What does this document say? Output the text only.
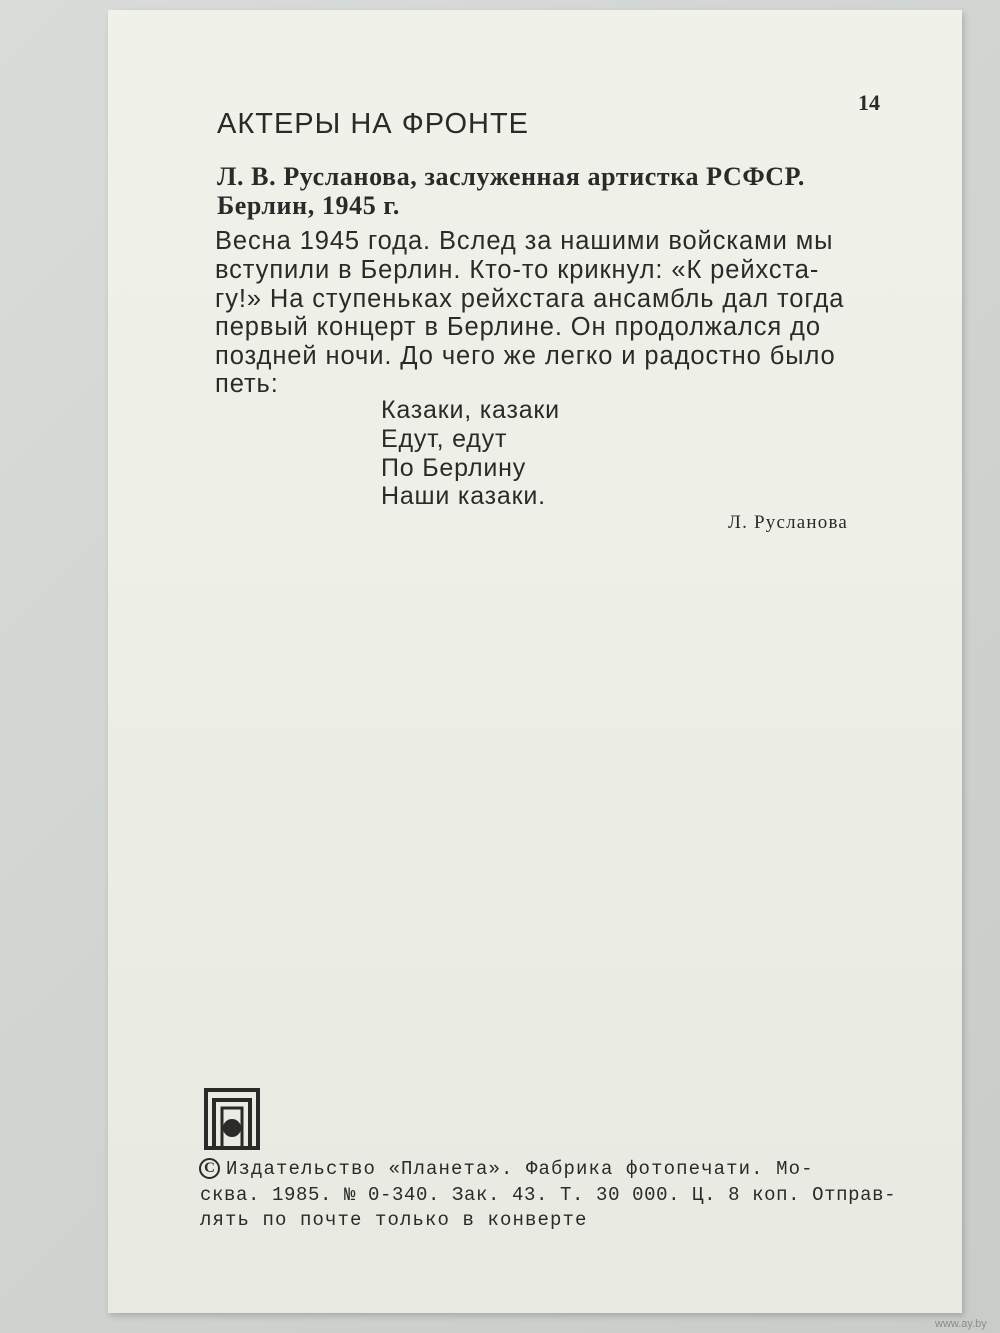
АКТЕРЫ НА ФРОНТЕ
14
Л. В. Русланова, заслуженная артистка РСФСР.
Берлин, 1945 г.
Весна 1945 года. Вслед за нашими войсками мы
вступили в Берлин. Кто-то крикнул: «К рейхста-
гу!» На ступеньках рейхстага ансамбль дал тогда
первый концерт в Берлине. Он продолжался до
поздней ночи. До чего же легко и радостно было
петь:
Казаки, казаки
Едут, едут
По Берлину
Наши казаки.
Л. Русланова
C Издательство «Планета». Фабрика фотопечати. Мо-
сква. 1985. № 0-340. Зак. 43. Т. 30 000. Ц. 8 коп. Отправ-
лять по почте только в конверте
www.ay.by
